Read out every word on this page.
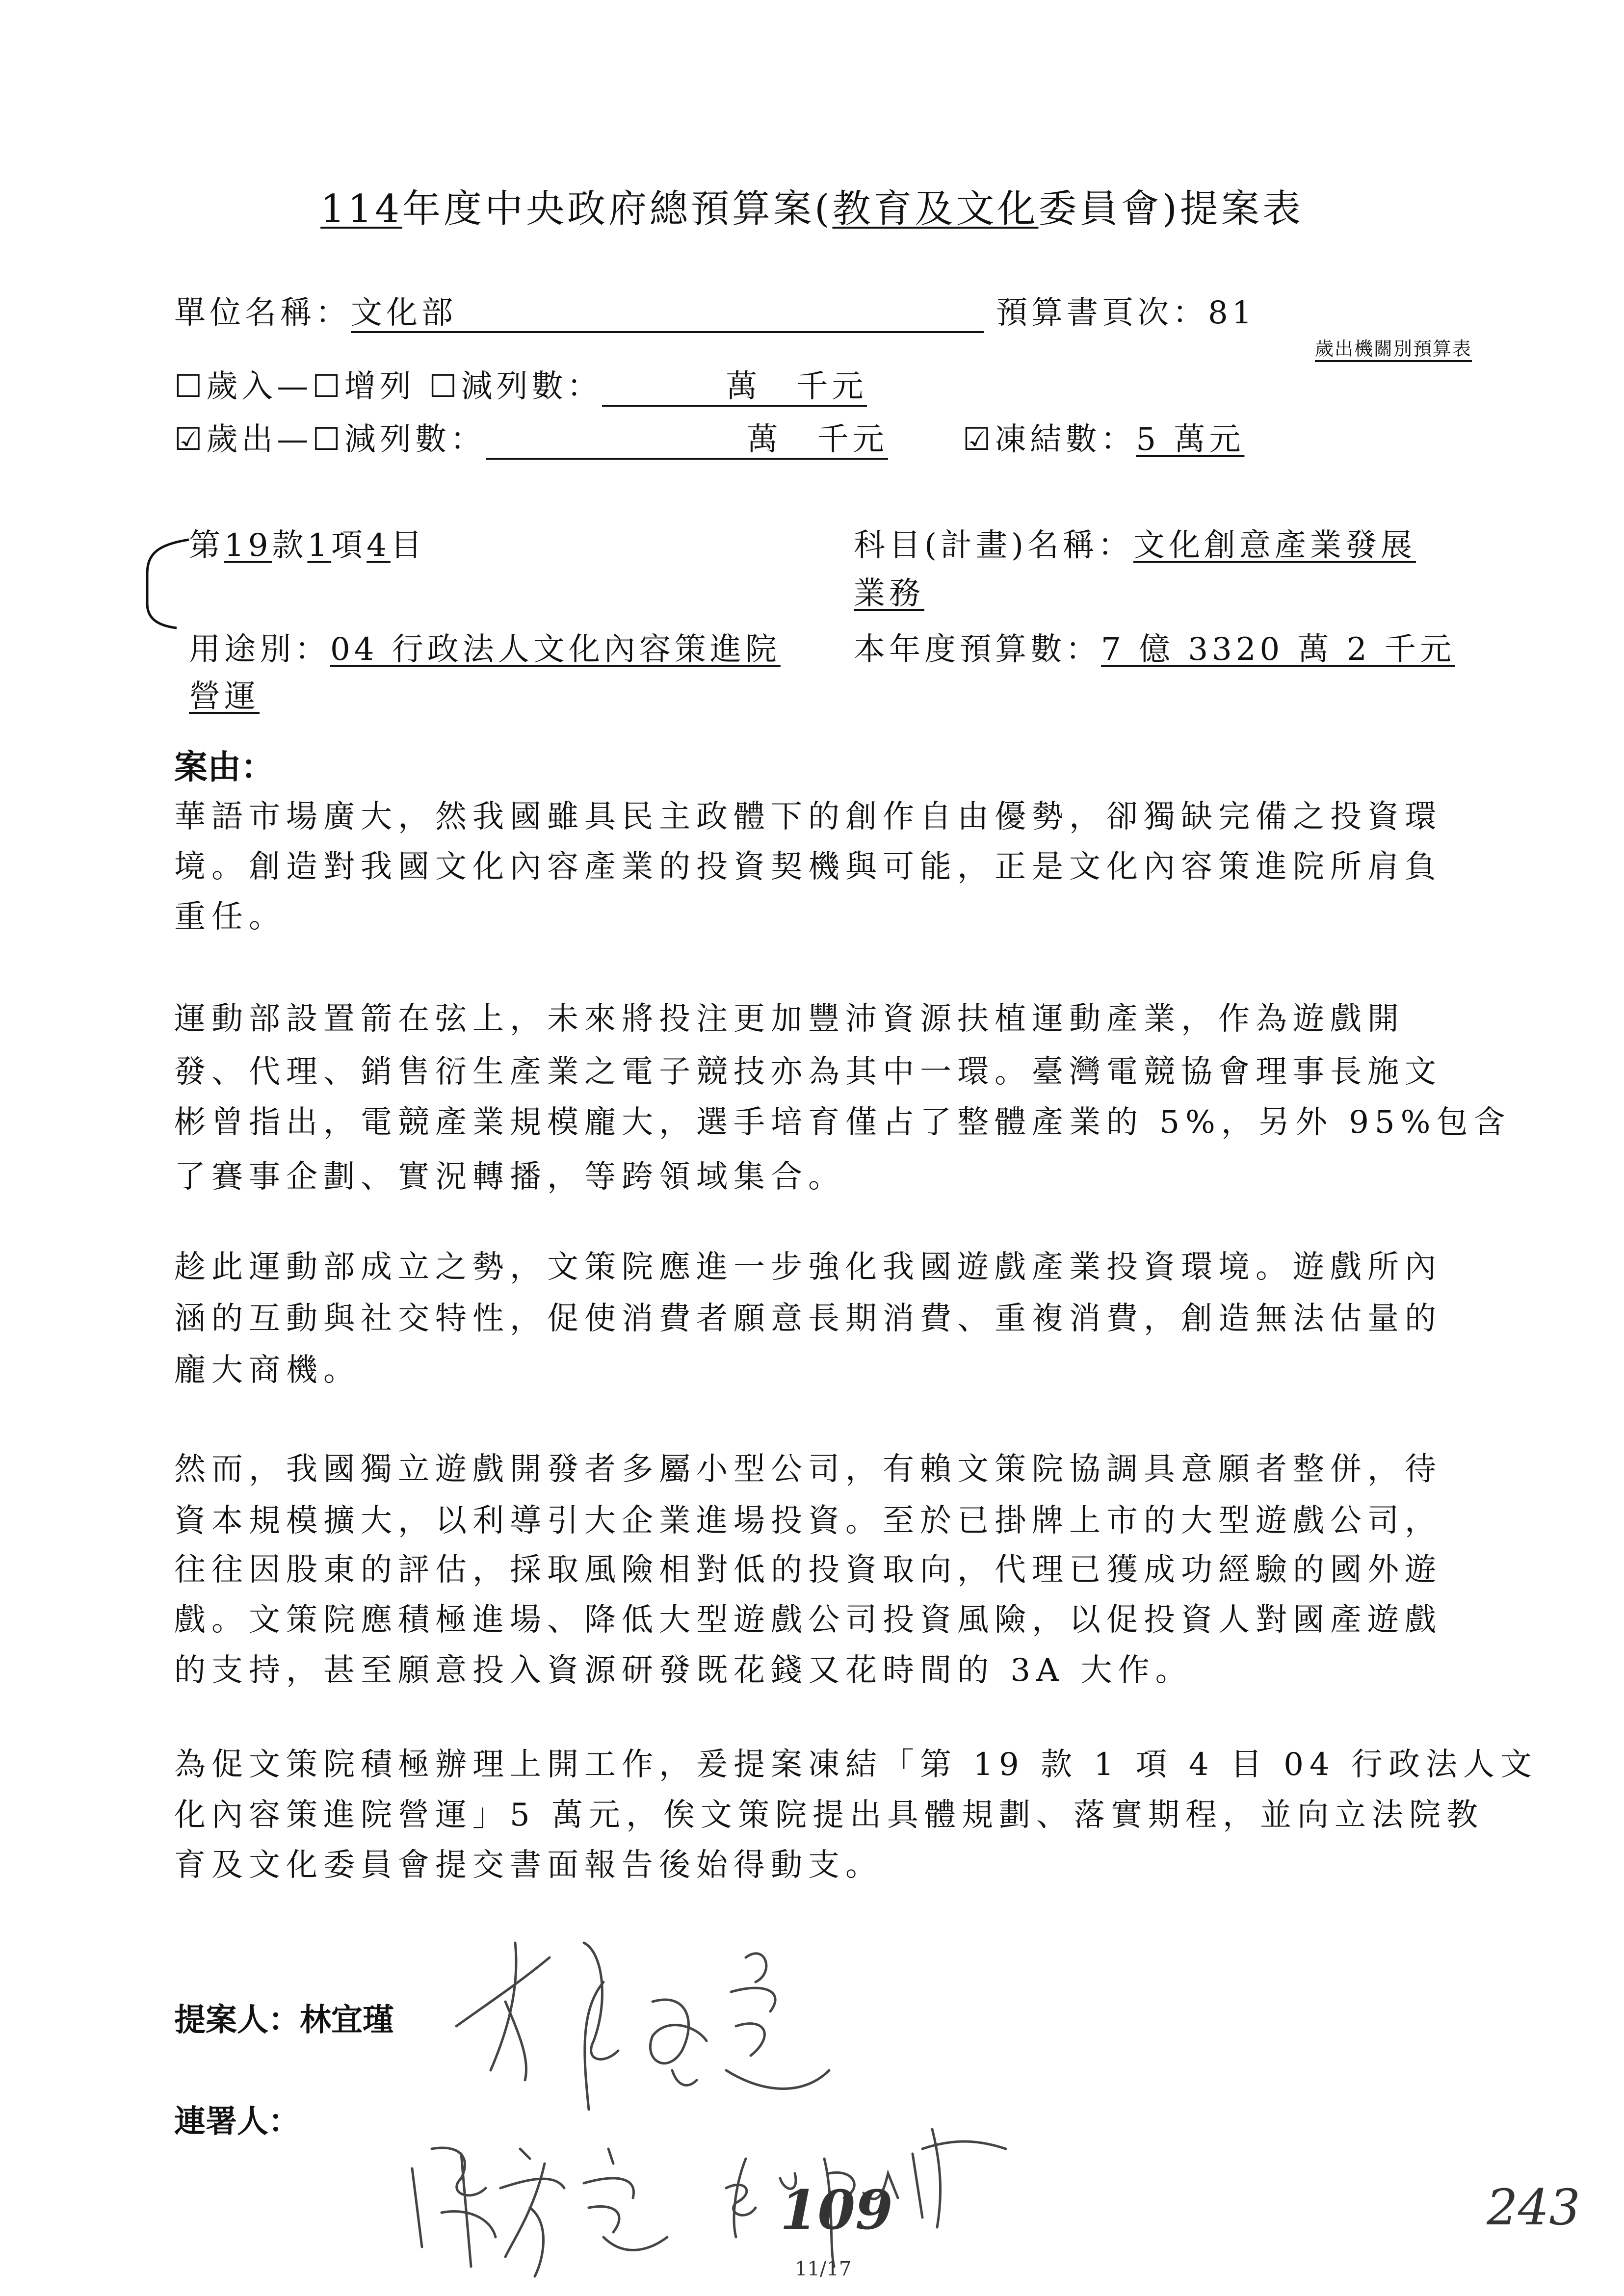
114年度中央政府總預算案(教育及文化委員會)提案表
單位名稱：文化部	預算書頁次：81
歲出機關別預算表
☐歲入—☐增列 ☐減列數：	萬　千元
☑歲出—☐減列數：	萬　千元 ☑凍結數：5 萬元
第19款1項4目	科目(計畫)名稱：文化創意產業發展
業務
用途別：04 行政法人文化內容策進院
營運
本年度預算數：7 億 3320 萬 2 千元
案由：
華語市場廣大，然我國雖具民主政體下的創作自由優勢，卻獨缺完備之投資環
境。創造對我國文化內容產業的投資契機與可能，正是文化內容策進院所肩負
重任。
運動部設置箭在弦上，未來將投注更加豐沛資源扶植運動產業，作為遊戲開
發、代理、銷售衍生產業之電子競技亦為其中一環。臺灣電競協會理事長施文
彬曾指出，電競產業規模龐大，選手培育僅占了整體產業的 5%，另外 95%包含
了賽事企劃、實況轉播，等跨領域集合。
趁此運動部成立之勢，文策院應進一步強化我國遊戲產業投資環境。遊戲所內
涵的互動與社交特性，促使消費者願意長期消費、重複消費，創造無法估量的
龐大商機。
然而，我國獨立遊戲開發者多屬小型公司，有賴文策院協調具意願者整併，待
資本規模擴大，以利導引大企業進場投資。至於已掛牌上市的大型遊戲公司，
往往因股東的評估，採取風險相對低的投資取向，代理已獲成功經驗的國外遊
戲。文策院應積極進場、降低大型遊戲公司投資風險，以促投資人對國產遊戲
的支持，甚至願意投入資源研發既花錢又花時間的 3A 大作。
為促文策院積極辦理上開工作，爰提案凍結「第 19 款 1 項 4 目 04 行政法人文
化內容策進院營運」5 萬元，俟文策院提出具體規劃、落實期程，並向立法院教
育及文化委員會提交書面報告後始得動支。
提案人：林宜瑾
連署人：
109	243
11/17
